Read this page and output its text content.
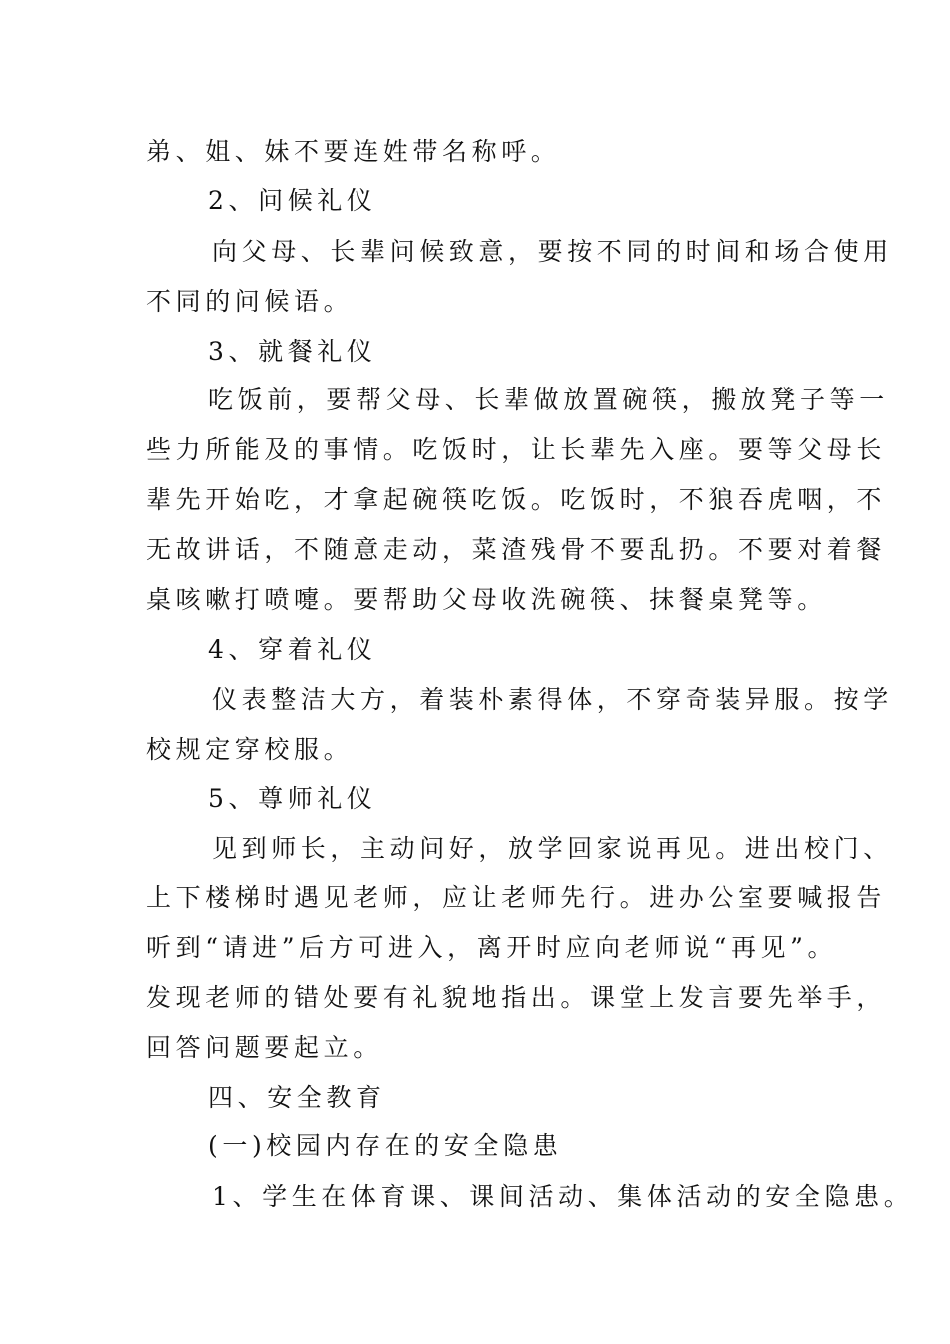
弟、姐、妹不要连姓带名称呼。
2、问候礼仪
向父母、长辈问候致意，要按不同的时间和场合使用
不同的问候语。
3、就餐礼仪
吃饭前，要帮父母、长辈做放置碗筷，搬放凳子等一
些力所能及的事情。吃饭时，让长辈先入座。要等父母长
辈先开始吃，才拿起碗筷吃饭。吃饭时，不狼吞虎咽，不
无故讲话，不随意走动，菜渣残骨不要乱扔。不要对着餐
桌咳嗽打喷嚏。要帮助父母收洗碗筷、抹餐桌凳等。
4、穿着礼仪
仪表整洁大方，着装朴素得体，不穿奇装异服。按学
校规定穿校服。
5、尊师礼仪
见到师长，主动问好，放学回家说再见。进出校门、
上下楼梯时遇见老师，应让老师先行。进办公室要喊报告
听到“请进”后方可进入，离开时应向老师说“再见”。
发现老师的错处要有礼貌地指出。课堂上发言要先举手，
回答问题要起立。
四、安全教育
(一)校园内存在的安全隐患
1、学生在体育课、课间活动、集体活动的安全隐患。
